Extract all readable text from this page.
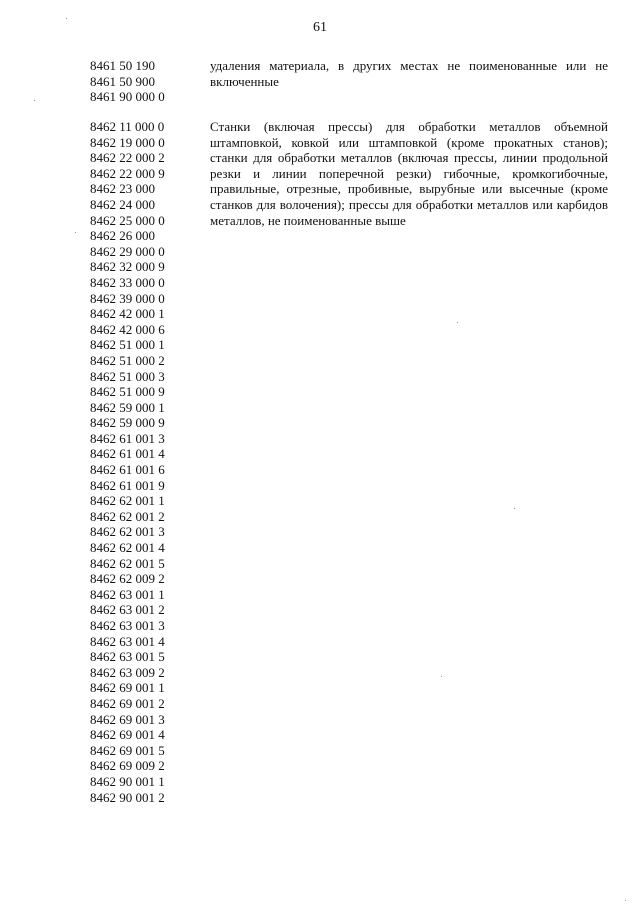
61
8461 50 190
8461 50 900
8461 90 000 0
удаления материала, в других местах не поименованные или не включенные
8462 11 000 0
8462 19 000 0
8462 22 000 2
8462 22 000 9
8462 23 000
8462 24 000
8462 25 000 0
8462 26 000
8462 29 000 0
8462 32 000 9
8462 33 000 0
8462 39 000 0
8462 42 000 1
8462 42 000 6
8462 51 000 1
8462 51 000 2
8462 51 000 3
8462 51 000 9
8462 59 000 1
8462 59 000 9
8462 61 001 3
8462 61 001 4
8462 61 001 6
8462 61 001 9
8462 62 001 1
8462 62 001 2
8462 62 001 3
8462 62 001 4
8462 62 001 5
8462 62 009 2
8462 63 001 1
8462 63 001 2
8462 63 001 3
8462 63 001 4
8462 63 001 5
8462 63 009 2
8462 69 001 1
8462 69 001 2
8462 69 001 3
8462 69 001 4
8462 69 001 5
8462 69 009 2
8462 90 001 1
8462 90 001 2
Станки (включая прессы) для обработки металлов объемной штамповкой, ковкой или штамповкой (кроме прокатных станов); станки для обработки металлов (включая прессы, линии продольной резки и линии поперечной резки) гибочные, кромкогибочные, правильные, отрезные, пробивные, вырубные или высечные (кроме станков для волочения); прессы для обработки металлов или карбидов металлов, не поименованные выше
